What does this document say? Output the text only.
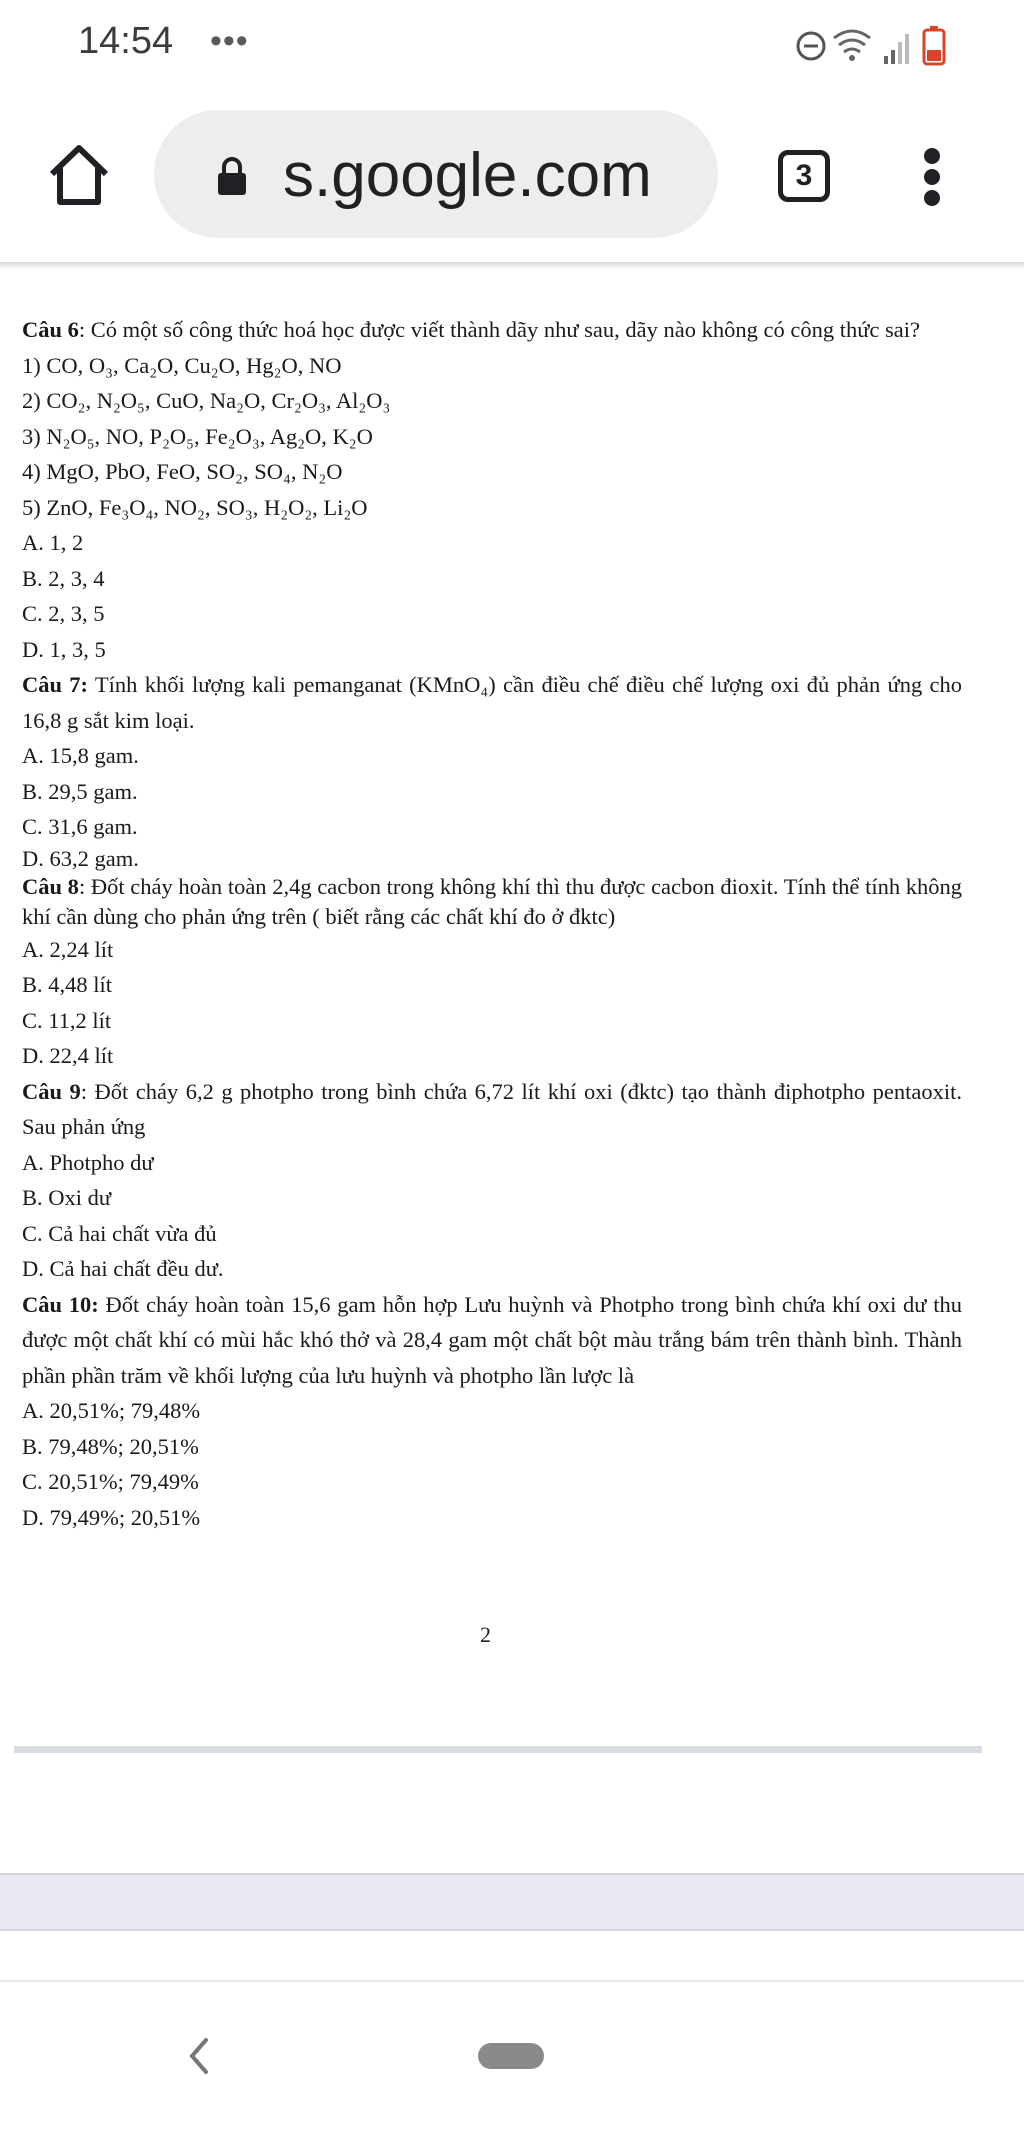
14:54 •••
s.google.com	3
Câu 6: Có một số công thức hoá học được viết thành dãy như sau, dãy nào không có công thức sai?
1) CO, O₃, Ca₂O, Cu₂O, Hg₂O, NO
2) CO₂, N₂O₅, CuO, Na₂O, Cr₂O₃, Al₂O₃
3) N₂O₅, NO, P₂O₅, Fe₂O₃, Ag₂O, K₂O
4) MgO, PbO, FeO, SO₂, SO₄, N₂O
5) ZnO, Fe₃O₄, NO₂, SO₃, H₂O₂, Li₂O
A. 1, 2
B. 2, 3, 4
C. 2, 3, 5
D. 1, 3, 5
Câu 7: Tính khối lượng kali pemanganat (KMnO₄) cần điều chế điều chế lượng oxi đủ phản ứng cho 16,8 g sắt kim loại.
A. 15,8 gam.
B. 29,5 gam.
C. 31,6 gam.
D. 63,2 gam.
Câu 8: Đốt cháy hoàn toàn 2,4g cacbon trong không khí thì thu được cacbon đioxit. Tính thể tính không khí cần dùng cho phản ứng trên ( biết rằng các chất khí đo ở đktc)
A. 2,24 lít
B. 4,48 lít
C. 11,2 lít
D. 22,4 lít
Câu 9: Đốt cháy 6,2 g photpho trong bình chứa 6,72 lít khí oxi (đktc) tạo thành điphotpho pentaoxit. Sau phản ứng
A. Photpho dư
B. Oxi dư
C. Cả hai chất vừa đủ
D. Cả hai chất đều dư.
Câu 10: Đốt cháy hoàn toàn 15,6 gam hỗn hợp Lưu huỳnh và Photpho trong bình chứa khí oxi dư thu được một chất khí có mùi hắc khó thở và 28,4 gam một chất bột màu trắng bám trên thành bình. Thành phần phần trăm về khối lượng của lưu huỳnh và photpho lần lược là
A. 20,51%; 79,48%
B. 79,48%; 20,51%
C. 20,51%; 79,49%
D. 79,49%; 20,51%
2
